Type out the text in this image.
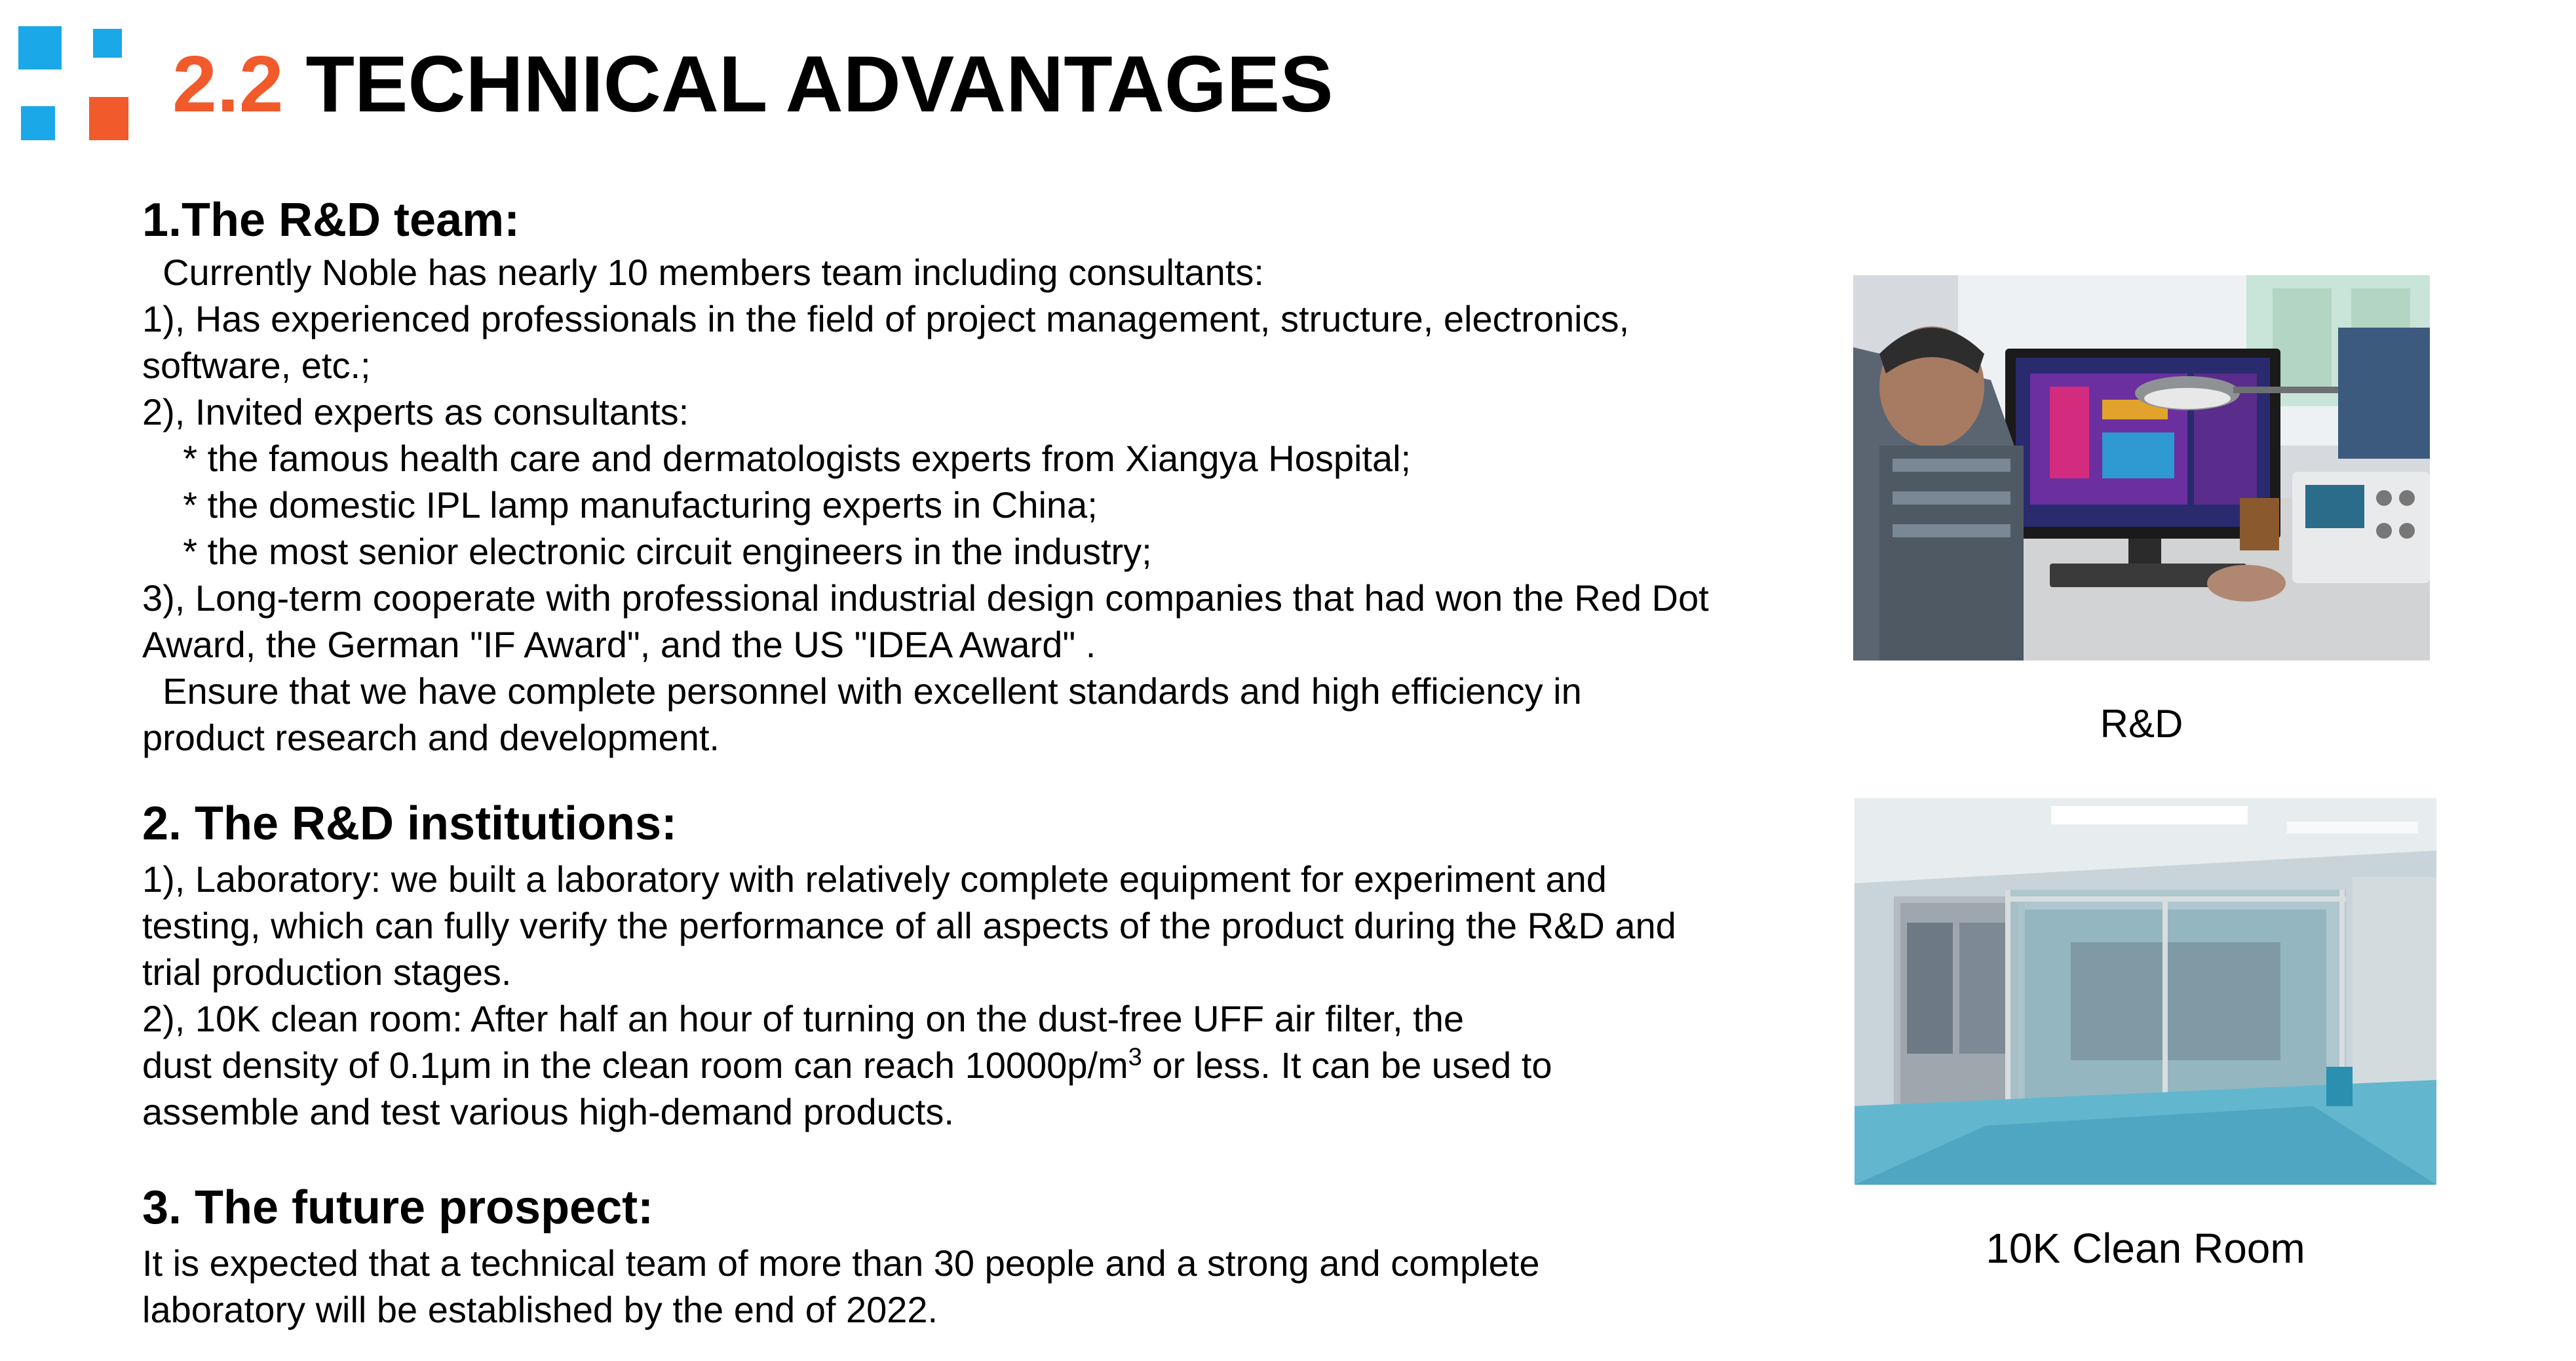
2.2 TECHNICAL ADVANTAGES
1.The R&D team:
Currently Noble has nearly 10 members team including consultants:
1), Has experienced professionals in the field of project management, structure, electronics,
software, etc.;
2), Invited experts as consultants:
* the famous health care and dermatologists experts from Xiangya Hospital;
* the domestic IPL lamp manufacturing experts in China;
* the most senior electronic circuit engineers in the industry;
3), Long-term cooperate with professional industrial design companies that had won the Red Dot
Award, the German "IF Award", and the US "IDEA Award" .
Ensure that we have complete personnel with excellent standards and high efficiency in
product research and development.
2. The R&D institutions:
1), Laboratory: we built a laboratory with relatively complete equipment for experiment and
testing, which can fully verify the performance of all aspects of the product during the R&D and
trial production stages.
2), 10K clean room: After half an hour of turning on the dust-free UFF air filter, the
dust density of 0.1μm in the clean room can reach $10000p/m^3$ or less. It can be used to
assemble and test various high-demand products.
3. The future prospect:
It is expected that a technical team of more than 30 people and a strong and complete
laboratory will be established by the end of 2022.
R&D
10K Clean Room
